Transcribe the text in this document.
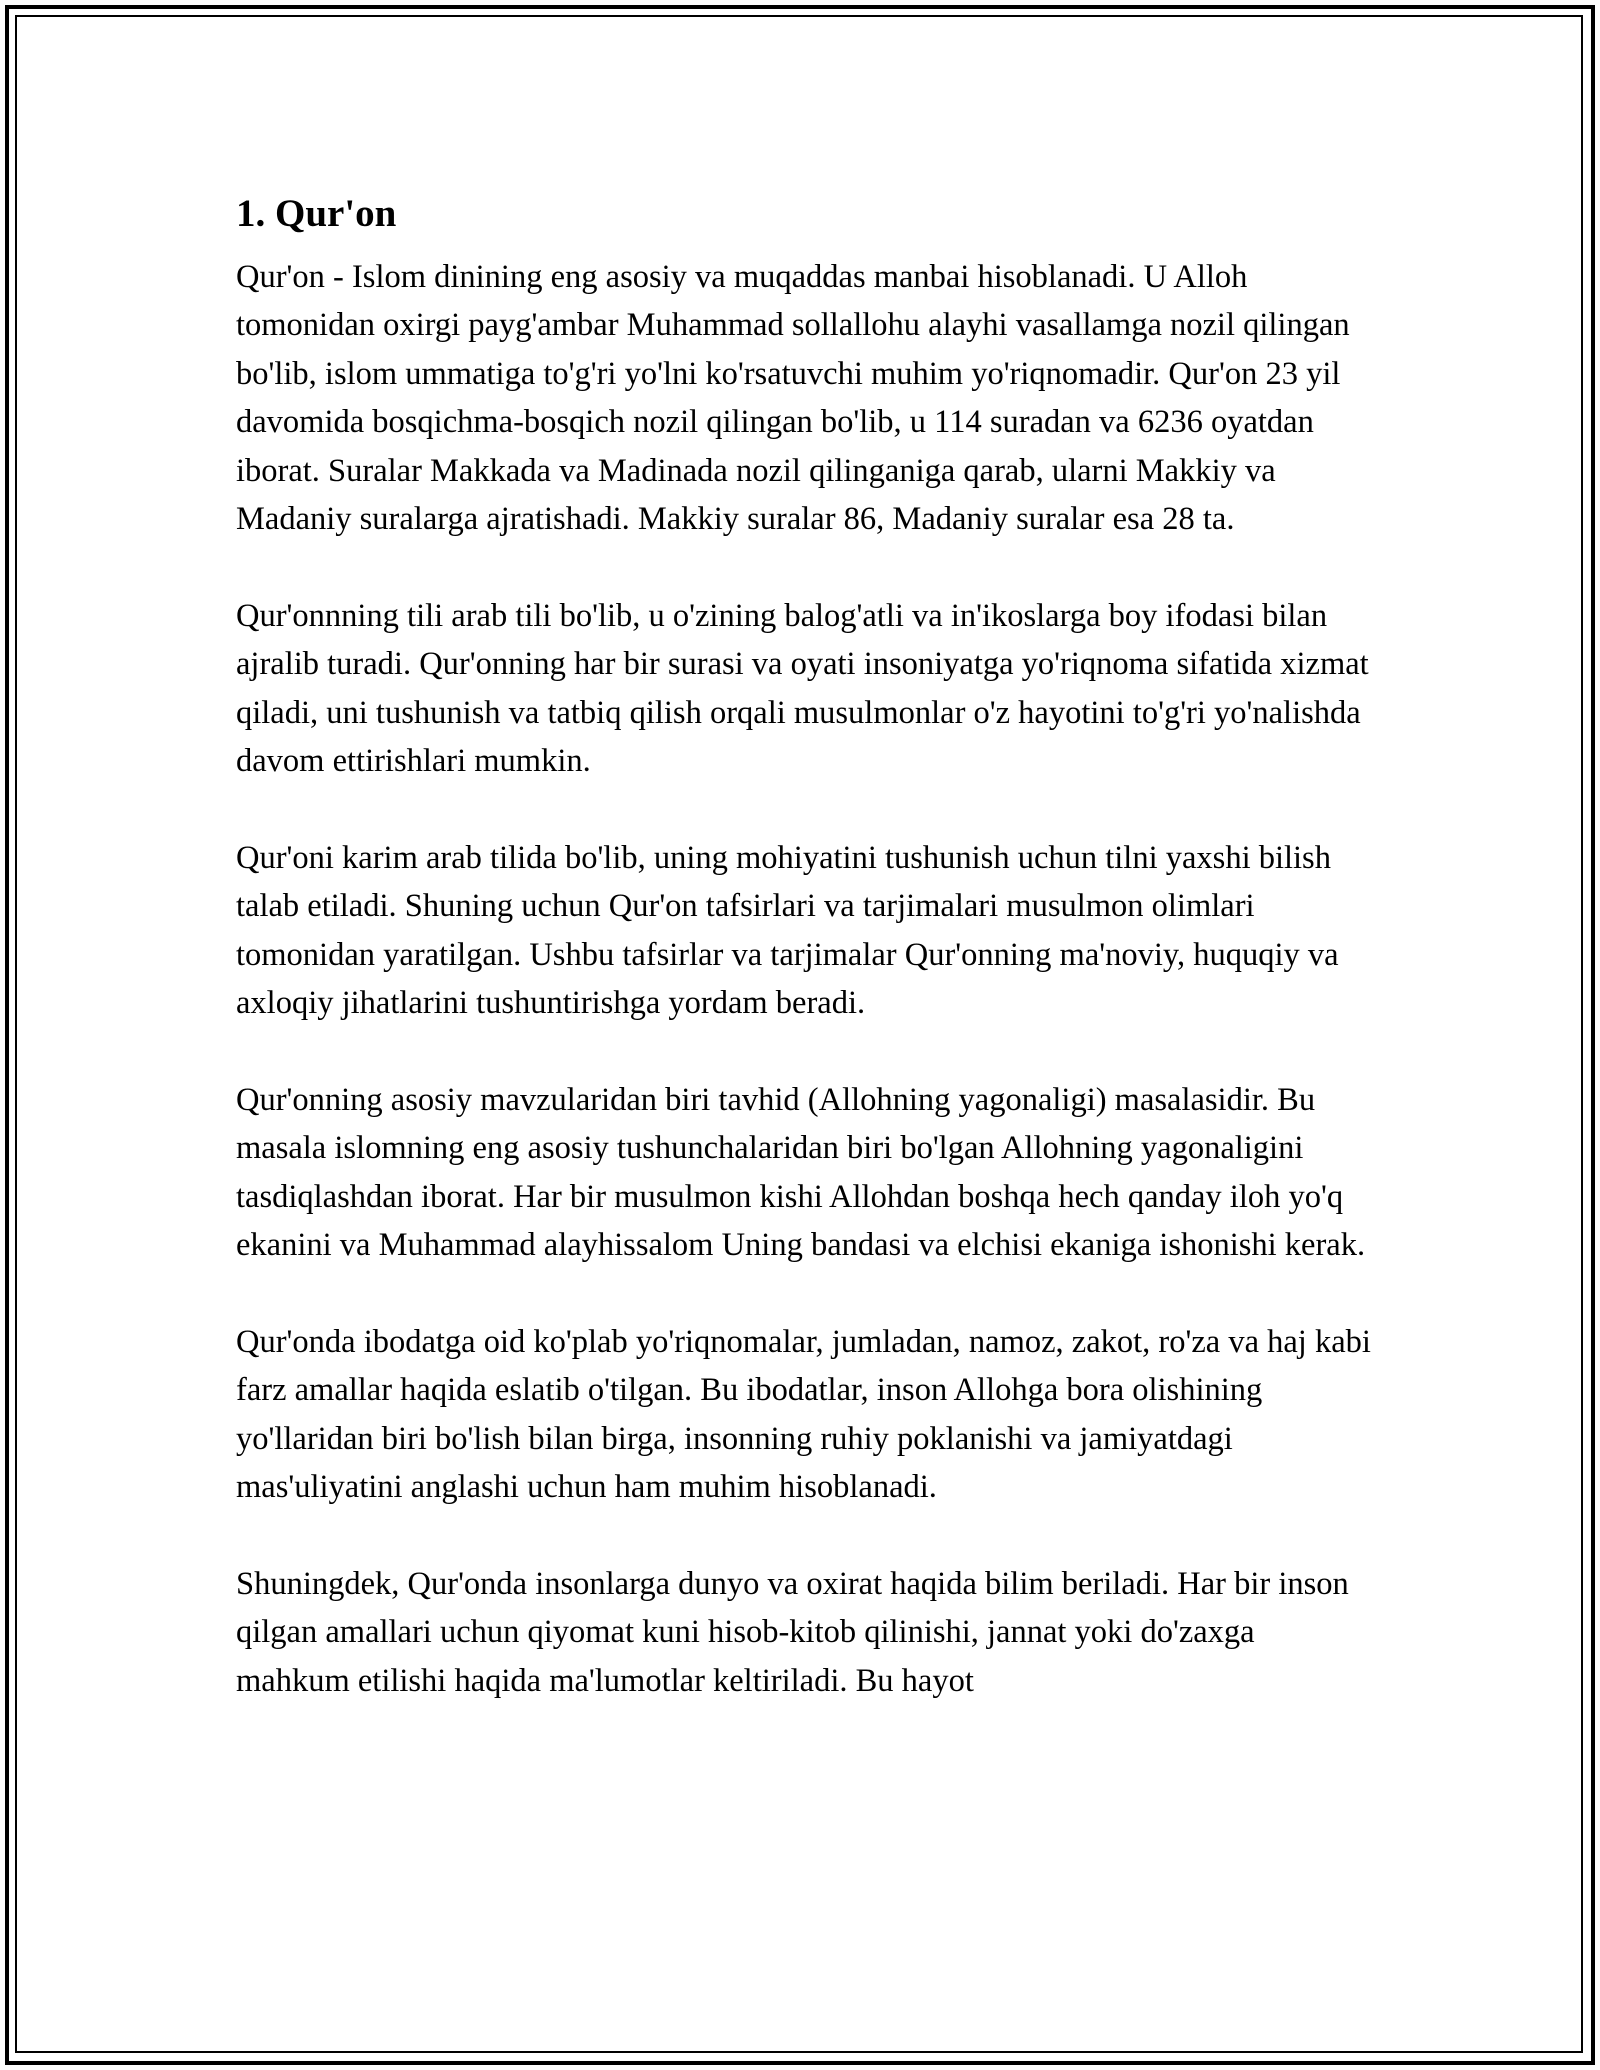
1. Qur'on

Qur'on - Islom dinining eng asosiy va muqaddas manbai hisoblanadi. U Alloh tomonidan oxirgi payg'ambar Muhammad sollallohu alayhi vasallamga nozil qilingan bo'lib, islom ummatiga to'g'ri yo'lni ko'rsatuvchi muhim yo'riqnomadir. Qur'on 23 yil davomida bosqichma-bosqich nozil qilingan bo'lib, u 114 suradan va 6236 oyatdan iborat. Suralar Makkada va Madinada nozil qilinganiga qarab, ularni Makkiy va Madaniy suralarga ajratishadi. Makkiy suralar 86, Madaniy suralar esa 28 ta.

Qur'onnning tili arab tili bo'lib, u o'zining balog'atli va in'ikoslarga boy ifodasi bilan ajralib turadi. Qur'onning har bir surasi va oyati insoniyatga yo'riqnoma sifatida xizmat qiladi, uni tushunish va tatbiq qilish orqali musulmonlar o'z hayotini to'g'ri yo'nalishda davom ettirishlari mumkin.

Qur'oni karim arab tilida bo'lib, uning mohiyatini tushunish uchun tilni yaxshi bilish talab etiladi. Shuning uchun Qur'on tafsirlari va tarjimalari musulmon olimlari tomonidan yaratilgan. Ushbu tafsirlar va tarjimalar Qur'onning ma'noviy, huquqiy va axloqiy jihatlarini tushuntirishga yordam beradi.

Qur'onning asosiy mavzularidan biri tavhid (Allohning yagonaligi) masalasidir. Bu masala islomning eng asosiy tushunchalaridan biri bo'lgan Allohning yagonaligini tasdiqlashdan iborat. Har bir musulmon kishi Allohdan boshqa hech qanday iloh yo'q ekanini va Muhammad alayhissalom Uning bandasi va elchisi ekaniga ishonishi kerak.

Qur'onda ibodatga oid ko'plab yo'riqnomalar, jumladan, namoz, zakot, ro'za va haj kabi farz amallar haqida eslatib o'tilgan. Bu ibodatlar, inson Allohga bora olishining yo'llaridan biri bo'lish bilan birga, insonning ruhiy poklanishi va jamiyatdagi mas'uliyatini anglashi uchun ham muhim hisoblanadi.

Shuningdek, Qur'onda insonlarga dunyo va oxirat haqida bilim beriladi. Har bir inson qilgan amallari uchun qiyomat kuni hisob-kitob qilinishi, jannat yoki do'zaxga mahkum etilishi haqida ma'lumotlar keltiriladi. Bu hayot
